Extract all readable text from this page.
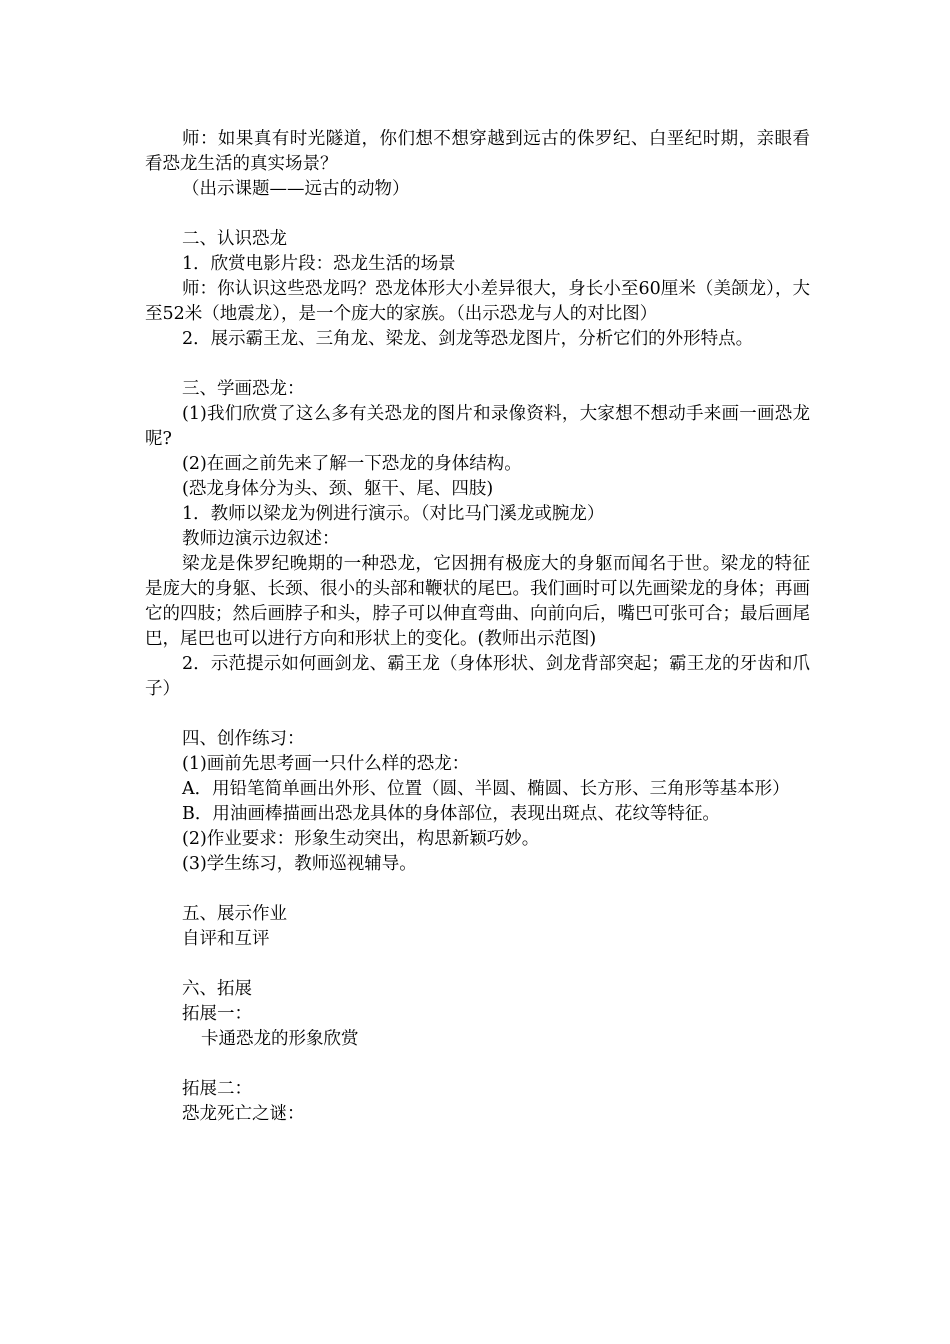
师：如果真有时光隧道，你们想不想穿越到远古的侏罗纪、白垩纪时期，亲眼看看恐龙生活的真实场景？

（出示课题——远古的动物）

二、认识恐龙

1．欣赏电影片段：恐龙生活的场景

师：你认识这些恐龙吗？恐龙体形大小差异很大，身长小至60厘米（美颌龙），大至52米（地震龙），是一个庞大的家族。（出示恐龙与人的对比图）

2．展示霸王龙、三角龙、梁龙、剑龙等恐龙图片，分析它们的外形特点。

三、学画恐龙：

(1)我们欣赏了这么多有关恐龙的图片和录像资料，大家想不想动手来画一画恐龙呢?

(2)在画之前先来了解一下恐龙的身体结构。

(恐龙身体分为头、颈、躯干、尾、四肢)

1．教师以梁龙为例进行演示。（对比马门溪龙或腕龙）

教师边演示边叙述：

梁龙是侏罗纪晚期的一种恐龙，它因拥有极庞大的身躯而闻名于世。梁龙的特征是庞大的身躯、长颈、很小的头部和鞭状的尾巴。我们画时可以先画梁龙的身体；再画它的四肢；然后画脖子和头，脖子可以伸直弯曲、向前向后，嘴巴可张可合；最后画尾巴，尾巴也可以进行方向和形状上的变化。(教师出示范图)

2．示范提示如何画剑龙、霸王龙（身体形状、剑龙背部突起；霸王龙的牙齿和爪子）

四、创作练习：

(1)画前先思考画一只什么样的恐龙：

A．用铅笔简单画出外形、位置（圆、半圆、椭圆、长方形、三角形等基本形）

B．用油画棒描画出恐龙具体的身体部位，表现出斑点、花纹等特征。

(2)作业要求：形象生动突出，构思新颖巧妙。

(3)学生练习，教师巡视辅导。

五、展示作业

自评和互评

六、拓展

拓展一：

卡通恐龙的形象欣赏

拓展二：

恐龙死亡之谜：
